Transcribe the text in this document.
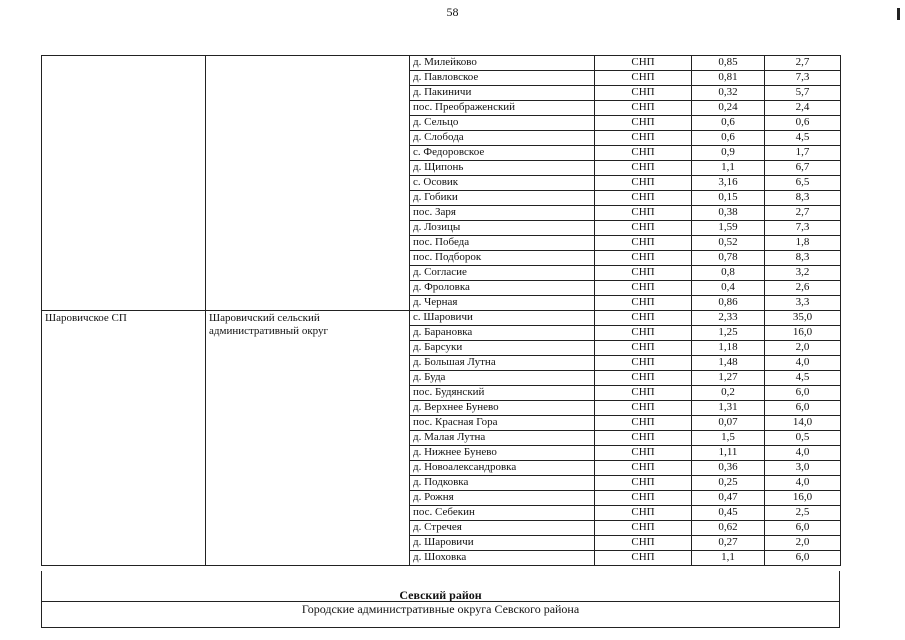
58
		д. Милейково	СНП	0,85	2,7
		д. Павловское	СНП	0,81	7,3
		д. Пакиничи	СНП	0,32	5,7
		пос. Преображенский	СНП	0,24	2,4
		д. Сельцо	СНП	0,6	0,6
		д. Слобода	СНП	0,6	4,5
		с. Федоровское	СНП	0,9	1,7
		д. Щипонь	СНП	1,1	6,7
		с. Осовик	СНП	3,16	6,5
		д. Гобики	СНП	0,15	8,3
		пос. Заря	СНП	0,38	2,7
		д. Лозицы	СНП	1,59	7,3
		пос. Победа	СНП	0,52	1,8
		пос. Подборок	СНП	0,78	8,3
		д. Согласие	СНП	0,8	3,2
		д. Фроловка	СНП	0,4	2,6
		д. Черная	СНП	0,86	3,3
Шаровичское СП	Шаровичский сельский административный округ	с. Шаровичи	СНП	2,33	35,0
		д. Барановка	СНП	1,25	16,0
		д. Барсуки	СНП	1,18	2,0
		д. Большая Лутна	СНП	1,48	4,0
		д. Буда	СНП	1,27	4,5
		пос. Будянский	СНП	0,2	6,0
		д. Верхнее Бунево	СНП	1,31	6,0
		пос. Красная Гора	СНП	0,07	14,0
		д. Малая Лутна	СНП	1,5	0,5
		д. Нижнее Бунево	СНП	1,11	4,0
		д. Новоалександровка	СНП	0,36	3,0
		д. Подковка	СНП	0,25	4,0
		д. Рожня	СНП	0,47	16,0
		пос. Себекин	СНП	0,45	2,5
		д. Стречея	СНП	0,62	6,0
		д. Шаровичи	СНП	0,27	2,0
		д. Шоховка	СНП	1,1	6,0
Севский район
Городские административные округа Севского района
